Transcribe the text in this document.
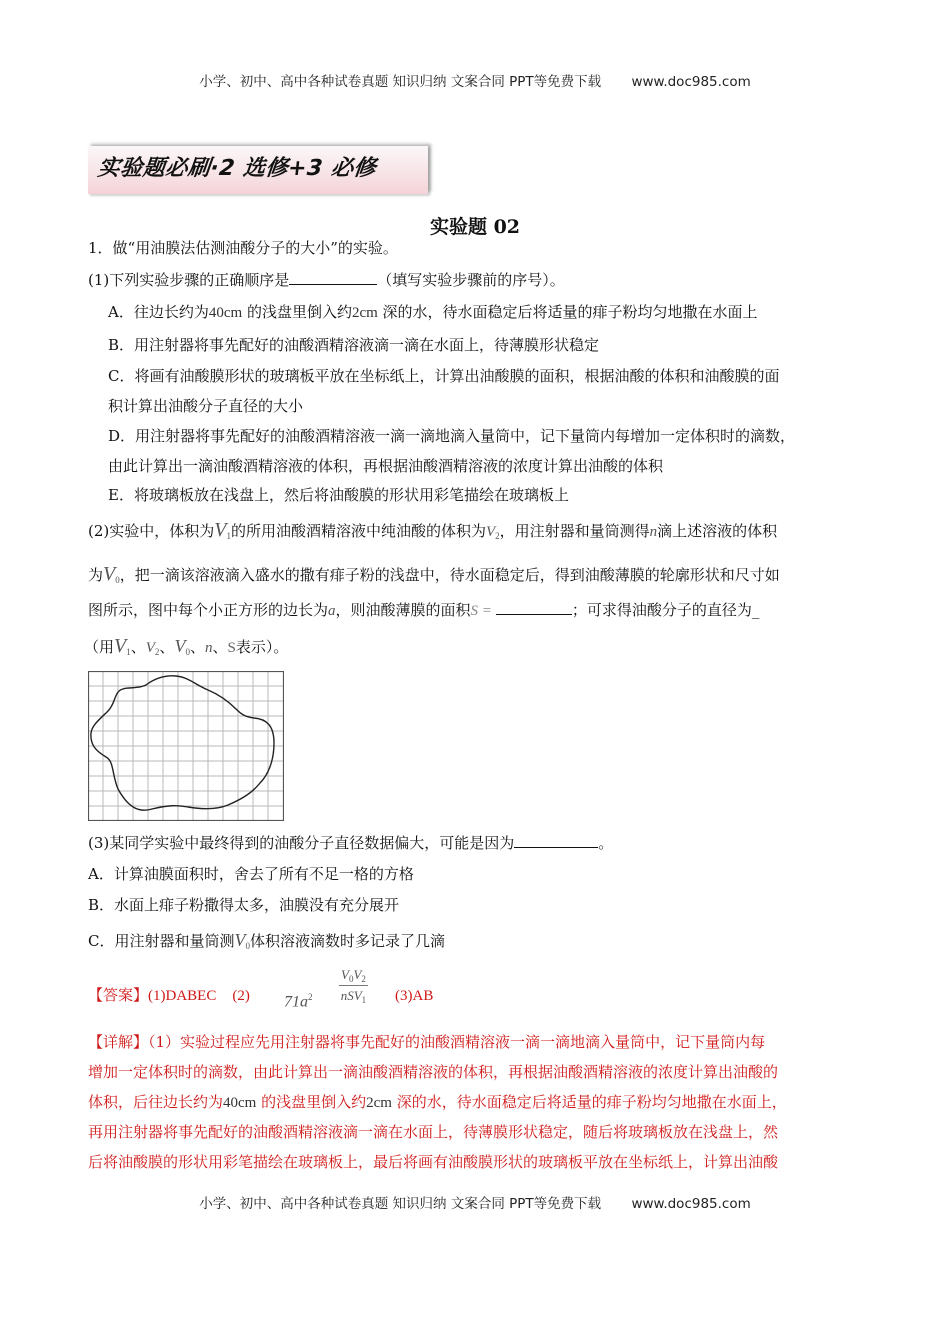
小学、初中、高中各种试卷真题 知识归纳 文案合同 PPT等免费下载 www.doc985.com
实验题必刷·2 选修+3 必修
实验题 02
1．做“用油膜法估测油酸分子的大小”的实验。
(1)下列实验步骤的正确顺序是	（填写实验步骤前的序号）。
A．往边长约为40cm 的浅盘里倒入约2cm 深的水，待水面稳定后将适量的痱子粉均匀地撒在水面上
B．用注射器将事先配好的油酸酒精溶液滴一滴在水面上，待薄膜形状稳定
C．将画有油酸膜形状的玻璃板平放在坐标纸上，计算出油酸膜的面积，根据油酸的体积和油酸膜的面
积计算出油酸分子直径的大小
D．用注射器将事先配好的油酸酒精溶液一滴一滴地滴入量筒中，记下量筒内每增加一定体积时的滴数，
由此计算出一滴油酸酒精溶液的体积，再根据油酸酒精溶液的浓度计算出油酸的体积
E．将玻璃板放在浅盘上，然后将油酸膜的形状用彩笔描绘在玻璃板上
(2)实验中，体积为$V_1$的所用油酸酒精溶液中纯油酸的体积为$V_2$，用注射器和量筒测得n滴上述溶液的体积
为$V_0$，把一滴该溶液滴入盛水的撒有痱子粉的浅盘中，待水面稳定后，得到油酸薄膜的轮廓形状和尺寸如
图所示，图中每个小正方形的边长为a，则油酸薄膜的面积S =	；可求得油酸分子的直径为_
（用$V_1$、$V_2$、$V_0$、n、S表示）。
(3)某同学实验中最终得到的油酸分子直径数据偏大，可能是因为	。
A．计算油膜面积时，舍去了所有不足一格的方格
B．水面上痱子粉撒得太多，油膜没有充分展开
C．用注射器和量筒测$V_0$体积溶液滴数时多记录了几滴
【答案】(1)DABEC (2) $71a^2$
$V_0V_2$
nSV$_1$ (3)AB
【详解】（1）实验过程应先用注射器将事先配好的油酸酒精溶液一滴一滴地滴入量筒中，记下量筒内每
增加一定体积时的滴数，由此计算出一滴油酸酒精溶液的体积，再根据油酸酒精溶液的浓度计算出油酸的
体积，后往边长约为40cm 的浅盘里倒入约2cm 深的水，待水面稳定后将适量的痱子粉均匀地撒在水面上，
再用注射器将事先配好的油酸酒精溶液滴一滴在水面上，待薄膜形状稳定，随后将玻璃板放在浅盘上，然
后将油酸膜的形状用彩笔描绘在玻璃板上，最后将画有油酸膜形状的玻璃板平放在坐标纸上，计算出油酸
小学、初中、高中各种试卷真题 知识归纳 文案合同 PPT等免费下载 www.doc985.com
